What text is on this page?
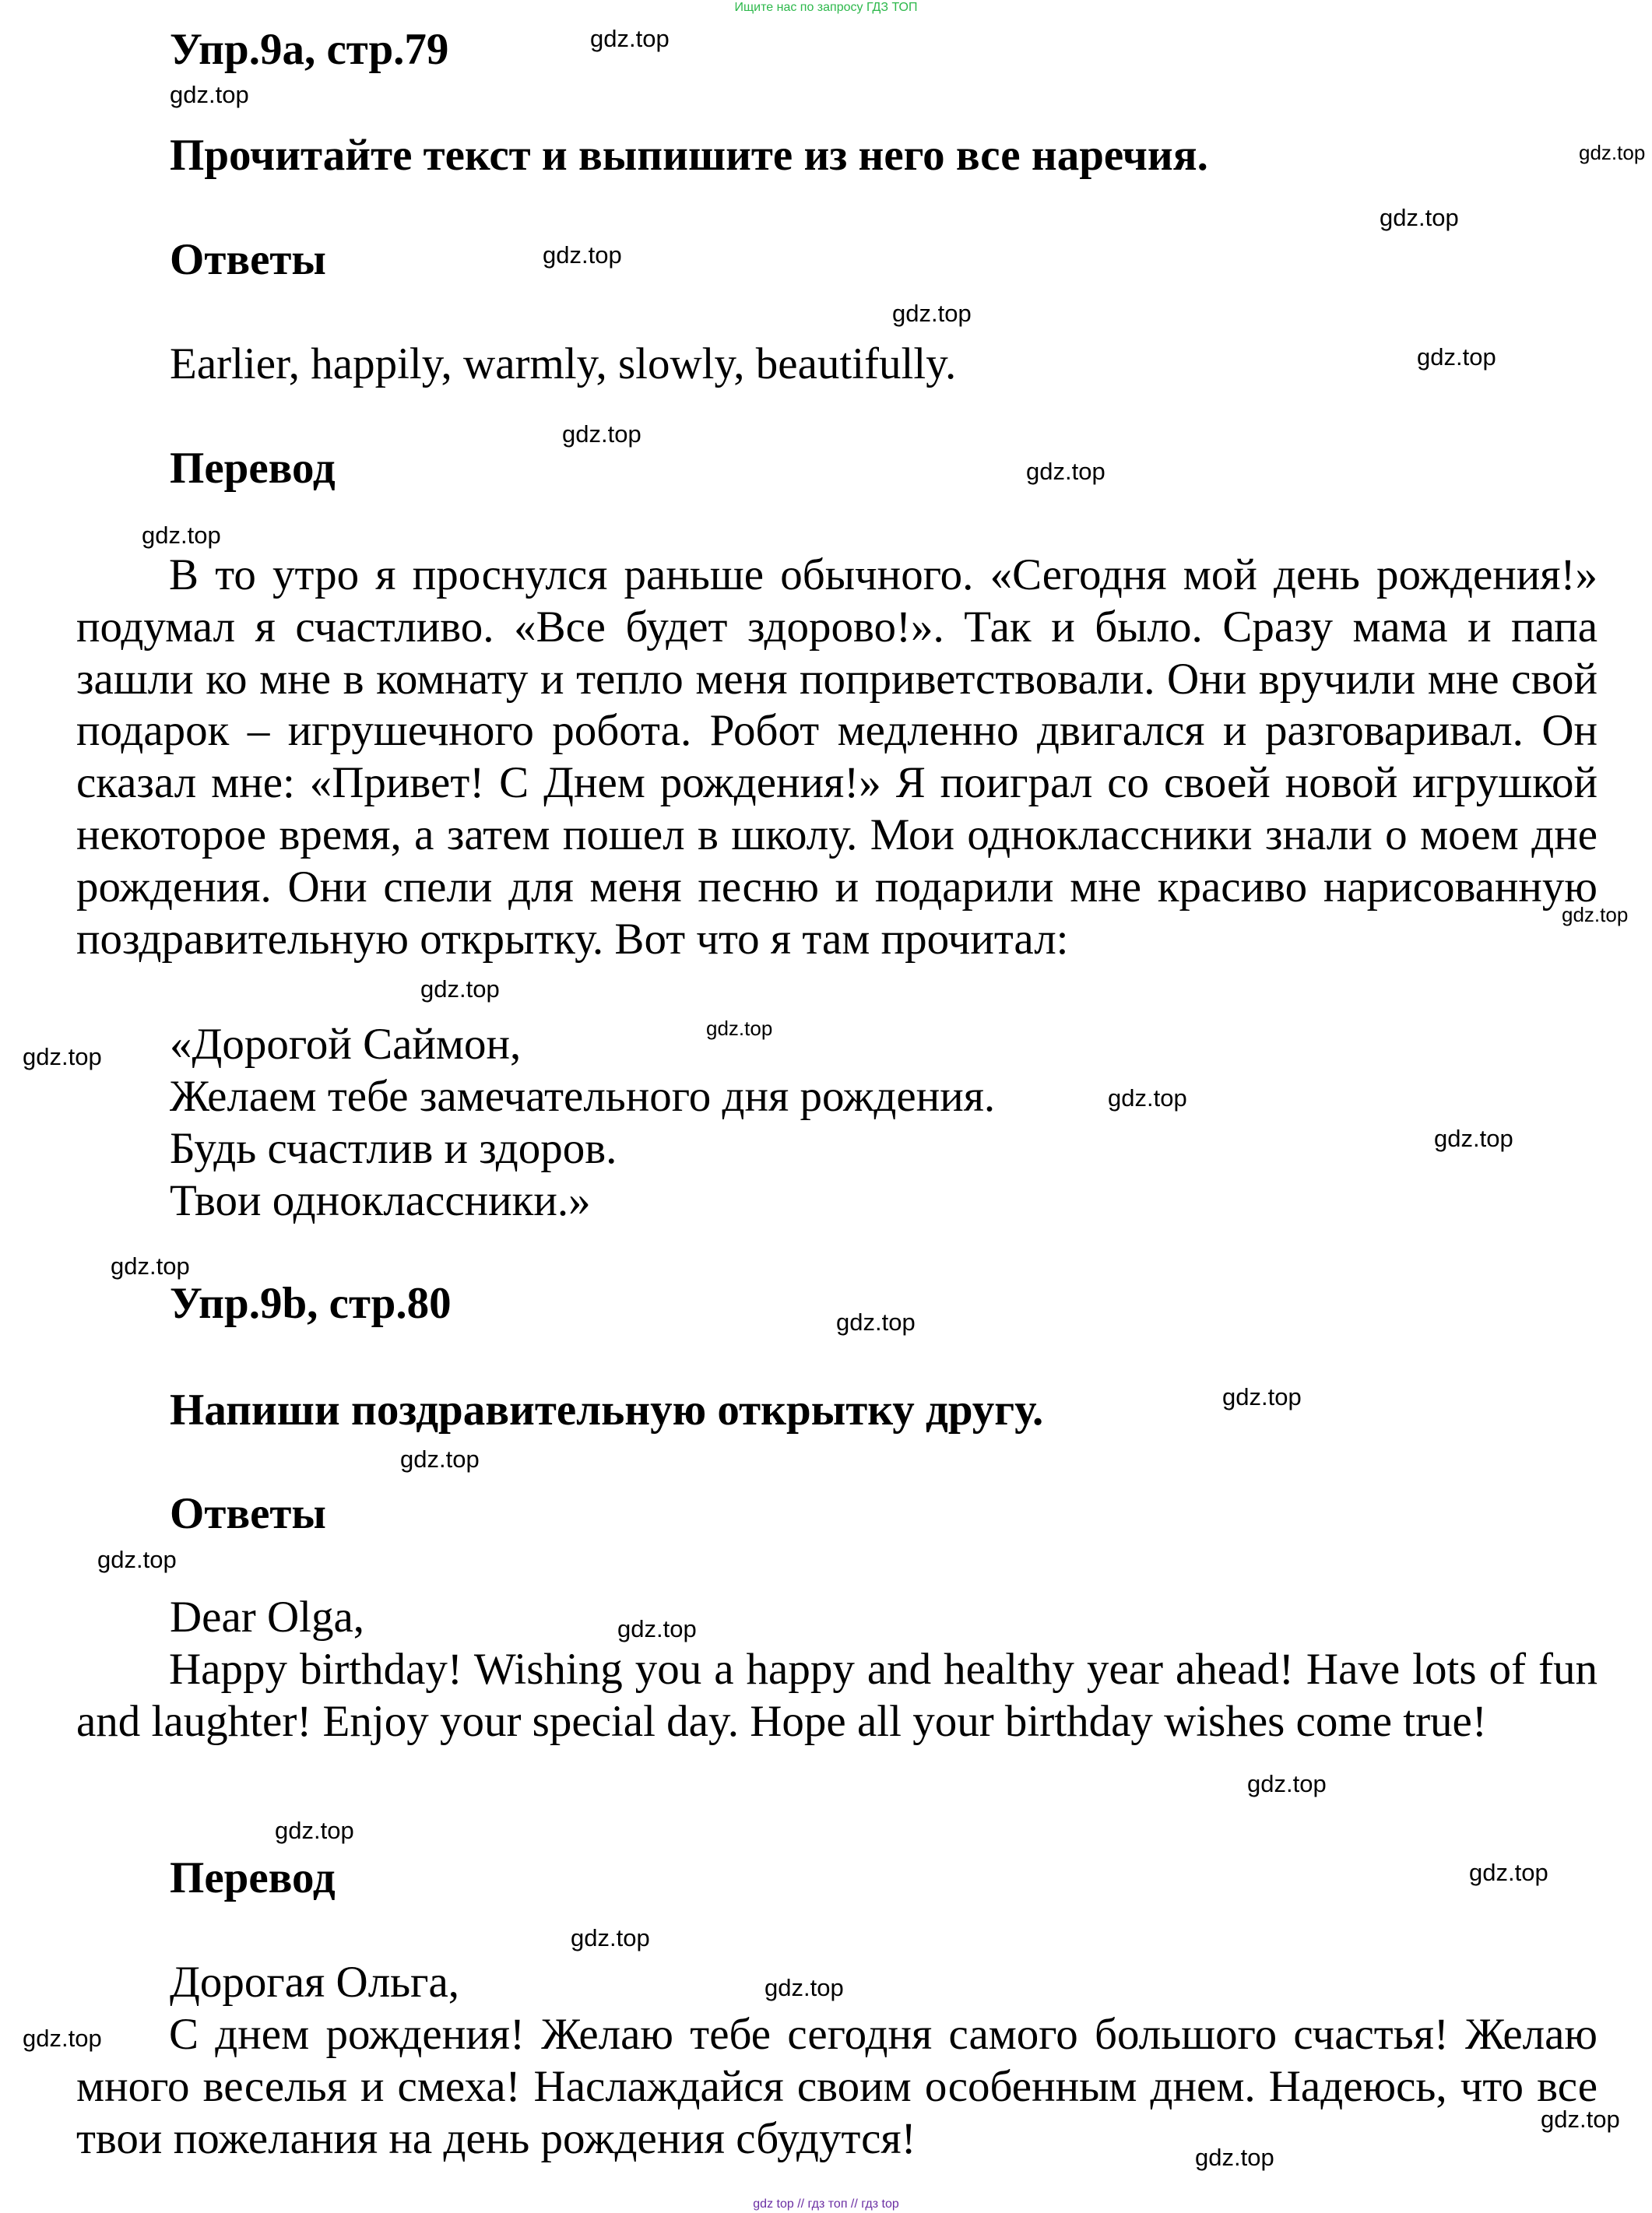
Ищите нас по запросу ГДЗ ТОП
Упр.9a, стр.79
Прочитайте текст и выпишите из него все наречия.
Ответы
Earlier, happily, warmly, slowly, beautifully.
Перевод

В то утро я проснулся раньше обычного. «Сегодня мой день рождения!» подумал я счастливо. «Все будет здорово!». Так и было. Сразу мама и папа зашли ко мне в комнату и тепло меня поприветствовали. Они вручили мне свой подарок – игрушечного робота. Робот медленно двигался и разговаривал. Он сказал мне: «Привет! С Днем рождения!» Я поиграл со своей новой игрушкой некоторое время, а затем пошел в школу. Мои одноклассники знали о моем дне рождения. Они спели для меня песню и подарили мне красиво нарисованную поздравительную открытку. Вот что я там прочитал:

«Дорогой Саймон,
Желаем тебе замечательного дня рождения.
Будь счастлив и здоров.
Твои одноклассники.»
Упр.9b, стр.80
Напиши поздравительную открытку другу.
Ответы
Dear Olga,

Happy birthday! Wishing you a happy and healthy year ahead! Have lots of fun and laughter! Enjoy your special day. Hope all your birthday wishes come true!

Перевод
Дорогая Ольга,

С днем рождения! Желаю тебе сегодня самого большого счастья! Желаю много веселья и смеха! Наслаждайся своим особенным днем. Надеюсь, что все твои пожелания на день рождения сбудутся!

gdz.top
gdz.top
gdz.top
gdz.top
gdz.top
gdz.top
gdz.top
gdz.top
gdz.top
gdz.top
gdz.top
gdz.top
gdz.top
gdz.top
gdz.top
gdz.top
gdz.top
gdz.top
gdz.top
gdz.top
gdz.top
gdz.top
gdz.top
gdz.top
gdz.top
gdz.top
gdz.top
gdz.top
gdz.top
gdz.top
gdz top // гдз топ // гдз top
